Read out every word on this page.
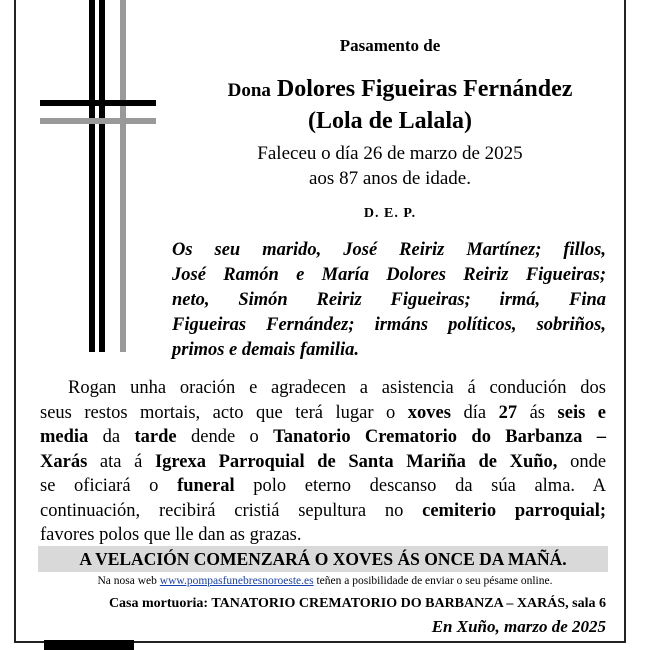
Pasamento de
Dona Dolores Figueiras Fernández
(Lola de Lalala)
Faleceu o día 26 de marzo de 2025
aos 87 anos de idade.
D. E. P.
Os seu marido, José Reiriz Martínez; fillos,
José Ramón e María Dolores Reiriz Figueiras;
neto, Simón Reiriz Figueiras; irmá, Fina
Figueiras Fernández; irmáns políticos, sobriños,
primos e demais familia.
Rogan unha oración e agradecen a asistencia á condución dos
seus restos mortais, acto que terá lugar o xoves día 27 ás seis e
media da tarde dende o Tanatorio Crematorio do Barbanza –
Xarás ata á Igrexa Parroquial de Santa Mariña de Xuño, onde
se oficiará o funeral polo eterno descanso da súa alma. A
continuación, recibirá cristiá sepultura no cemiterio parroquial;
favores polos que lle dan as grazas.
A VELACIÓN COMENZARÁ O XOVES ÁS ONCE DA MAÑÁ.
Na nosa web www.pompasfunebresnoroeste.es teñen a posibilidade de enviar o seu pésame online.
Casa mortuoria: TANATORIO CREMATORIO DO BARBANZA – XARÁS, sala 6
En Xuño, marzo de 2025
